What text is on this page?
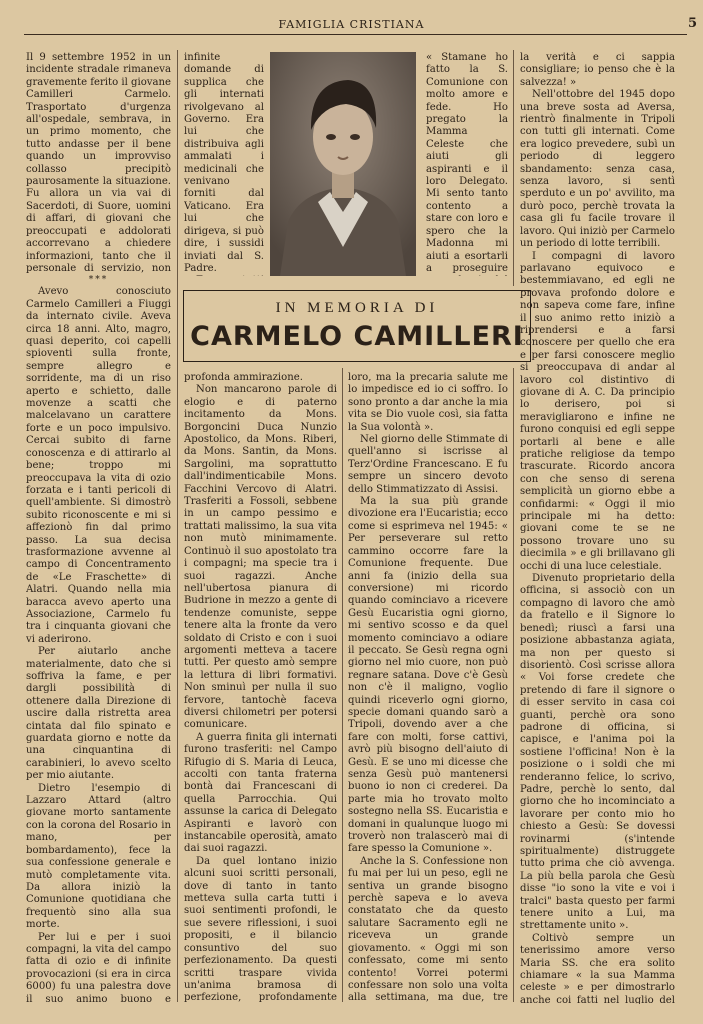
FAMIGLIA CRISTIANA	5

Il 9 settembre 1952 in un incidente stradale rimaneva gravemente ferito il giovane Camilleri Carmelo. Trasportato d'urgenza all'ospedale, sembrava, in un primo momento, che tutto andasse per il bene quando un improvviso collasso precipitò paurosamente la situazione. Fu allora un via vai di Sacerdoti, di Suore, uomini di affari, di giovani che preoccupati e addolorati accorrevano a chiedere informazioni, tanto che il personale di servizio, non

***

Avevo conosciuto Carmelo Camilleri a Fiuggi da internato civile. Aveva circa 18 anni. Alto, magro, quasi deperito, coi capelli spioventi sulla fronte, sempre allegro e sorridente, ma di un riso aperto e schietto, dalle movenze a scatti che malcelavano un carattere forte e un poco impulsivo. Cercai subito di farne conoscenza e di attirarlo al bene; troppo mi preoccupava la vita di ozio forzata e i tanti pericoli di quell'ambiente. Si dimostrò subito riconoscente e mi si affezionò fin dal primo passo. La sua decisa trasformazione avvenne al campo di Concentramento de «Le Fraschette» di Alatri. Quando nella mia baracca avevo aperto una Associazione, Carmelo fu tra i cinquanta giovani che vi aderirono.

Per aiutarlo anche materialmente, dato che si soffriva la fame, e per dargli possibilità di ottenere dalla Direzione di uscire dalla ristretta area cintata dal filo spinato e guardata giorno e notte da una cinquantina di carabinieri, lo avevo scelto per mio aiutante.

Dietro l'esempio di Lazzaro Attard (altro giovane morto santamente con la corona del Rosario in mano, per bombardamento), fece la sua confessione generale e mutò completamente vita. Da allora iniziò la Comunione quotidiana che frequentò sino alla sua morte.

Per lui e per i suoi compagni, la vita del campo fatta di ozio e di infinite provocazioni (si era in circa 6000) fu una palestra dove il suo animo buono e

infinite domande di supplica che gli internati rivolgevano al Governo. Era lui che distribuiva agli ammalati i medicinali che venivano forniti dal Vaticano. Era lui che dirigeva, si può dire, i sussidi inviati dal S. Padre.

« Stamane ho fatto la S. Comunione con molto amore e fede. Ho pregato la Mamma Celeste che aiuti gli aspiranti e il loro Delegato. Mi sento tanto contento a stare con loro e spero che la Madonna mi aiuti a esortarli a proseguire

IN MEMORIA DI
CARMELO CAMILLERI

profonda ammirazione.

Non mancarono parole di elogio e di paterno incitamento da Mons. Borgoncini Duca Nunzio Apostolico, da Mons. Riberi, da Mons. Santin, da Mons. Sargolini, ma soprattutto dall'indimenticabile Mons. Facchini Vercovo di Alatri. Trasferiti a Fossoli, sebbene in un campo pessimo e trattati malissimo, la sua vita non mutò minimamente. Continuò il suo apostolato tra i compagni; ma specie tra i suoi ragazzi. Anche nell'ubertosa pianura di Budrione in mezzo a gente di tendenze comuniste, seppe tenere alta la fronte da vero soldato di Cristo e con i suoi argomenti metteva a tacere tutti. Per questo amò sempre la lettura di libri formativi. Non sminuì per nulla il suo fervore, tantochè faceva diversi chilometri per potersi comunicare.

A guerra finita gli internati furono trasferiti: nel Campo Rifugio di S. Maria di Leuca, accolti con tanta fraterna bontà dai Francescani di quella Parrocchia. Qui assunse la carica di Delegato Aspiranti e lavorò con instancabile operosità, amato dai suoi ragazzi.

Da quel lontano inizio alcuni suoi scritti personali, dove di tanto in tanto metteva sulla carta tutti i suoi sentimenti profondi, le sue severe riflessioni, i suoi propositi, e il bilancio consuntivo del suo perfezionamento. Da questi scritti traspare vivida un'anima bramosa di perfezione, profondamente

loro, ma la precaria salute me lo impedisce ed io ci soffro. Io sono pronto a dar anche la mia vita se Dio vuole così, sia fatta la Sua volontà ».

Nel giorno delle Stimmate di quell'anno si iscrisse al Terz'Ordine Francescano. E fu sempre un sincero devoto dello Stimmatizzato di Assisi.

Ma la sua più grande divozione era l'Eucaristia; ecco come si esprimeva nel 1945: « Per perseverare sul retto cammino occorre fare la Comunione frequente. Due anni fa (inizio della sua conversione) mi ricordo quando cominciavo a ricevere Gesù Eucaristia ogni giorno, mi sentivo scosso e da quel momento cominciavo a odiare il peccato. Se Gesù regna ogni giorno nel mio cuore, non può regnare satana. Dove c'è Gesù non c'è il maligno, voglio quindi riceverlo ogni giorno, specie domani quando sarò a Tripoli, dovendo aver a che fare con molti, forse cattivi, avrò più bisogno dell'aiuto di Gesù. E se uno mi dicesse che senza Gesù può mantenersi buono io non ci crederei. Da parte mia ho trovato molto sostegno nella SS. Eucaristia e domani in qualunque luogo mi troverò non tralascerò mai di fare spesso la Comunione ».

Anche la S. Confessione non fu mai per lui un peso, egli ne sentiva un grande bisogno perchè sapeva e lo aveva constatato che da questo salutare Sacramento egli ne riceveva un grande giovamento. « Oggi mi son confessato, come mi sento contento! Vorrei potermi confessare non solo una volta alla settimana, ma due, tre

la verità e ci sappia consigliare; io penso che è la salvezza! »

Nell'ottobre del 1945 dopo una breve sosta ad Aversa, rientrò finalmente in Tripoli con tutti gli internati. Come era logico prevedere, subì un periodo di leggero sbandamento: senza casa, senza lavoro, si sentì sperduto e un po' avvilito, ma durò poco, perchè trovata la casa gli fu facile trovare il lavoro. Qui iniziò per Carmelo un periodo di lotte terribili.

I compagni di lavoro parlavano equivoco e bestemmiavano, ed egli ne provava profondo dolore e non sapeva come fare, infine il suo animo retto iniziò a riprendersi e a farsi conoscere per quello che era e per farsi conoscere meglio si preoccupava di andar al lavoro col distintivo di giovane di A. C. Da principio lo derisero, poi si meravigliarono e infine ne furono conquisi ed egli seppe portarli al bene e alle pratiche religiose da tempo trascurate. Ricordo ancora con che senso di serena semplicità un giorno ebbe a confidarmi: « Oggi il mio principale mi ha detto: giovani come te se ne possono trovare uno su diecimila » e gli brillavano gli occhi di una luce celestiale.

Divenuto proprietario della officina, si associò con un compagno di lavoro che amò da fratello e il Signore lo benedì; riuscì a farsi una posizione abbastanza agiata, ma non per questo si disorientò. Così scrisse allora « Voi forse credete che pretendo di fare il signore o di esser servito in casa coi guanti, perchè ora sono padrone di officina, si capisce, e l'anima poi la sostiene l'officina! Non è la posizione o i soldi che mi renderanno felice, lo scrivo, Padre, perchè lo sento, dal giorno che ho incominciato a lavorare per conto mio ho chiesto a Gesù: Se dovessi rovinarmi (s'intende spiritualmente) distruggete tutto prima che ciò avvenga. La più bella parola che Gesù disse "io sono la vite e voi i tralci" basta questo per farmi tenere unito a Lui, ma strettamente unito ».

Coltivò sempre un tenerissimo amore verso Maria SS. che era solito chiamare « la sua Mamma celeste » e per dimostrarlo anche coi fatti nel luglio del
